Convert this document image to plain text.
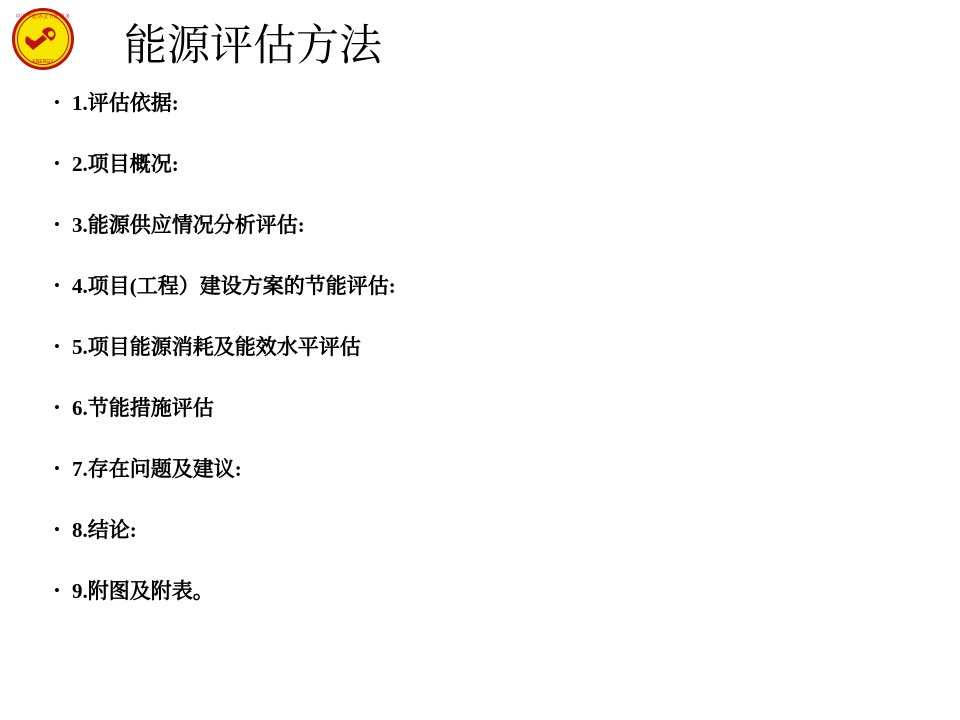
中国节能协会节能服务
ENERGY	能源评估方法
• 1.评估依据:
• 2.项目概况:
• 3.能源供应情况分析评估:
• 4.项目(工程）建设方案的节能评估:
• 5.项目能源消耗及能效水平评估
• 6.节能措施评估
• 7.存在问题及建议:
• 8.结论:
• 9.附图及附表。
